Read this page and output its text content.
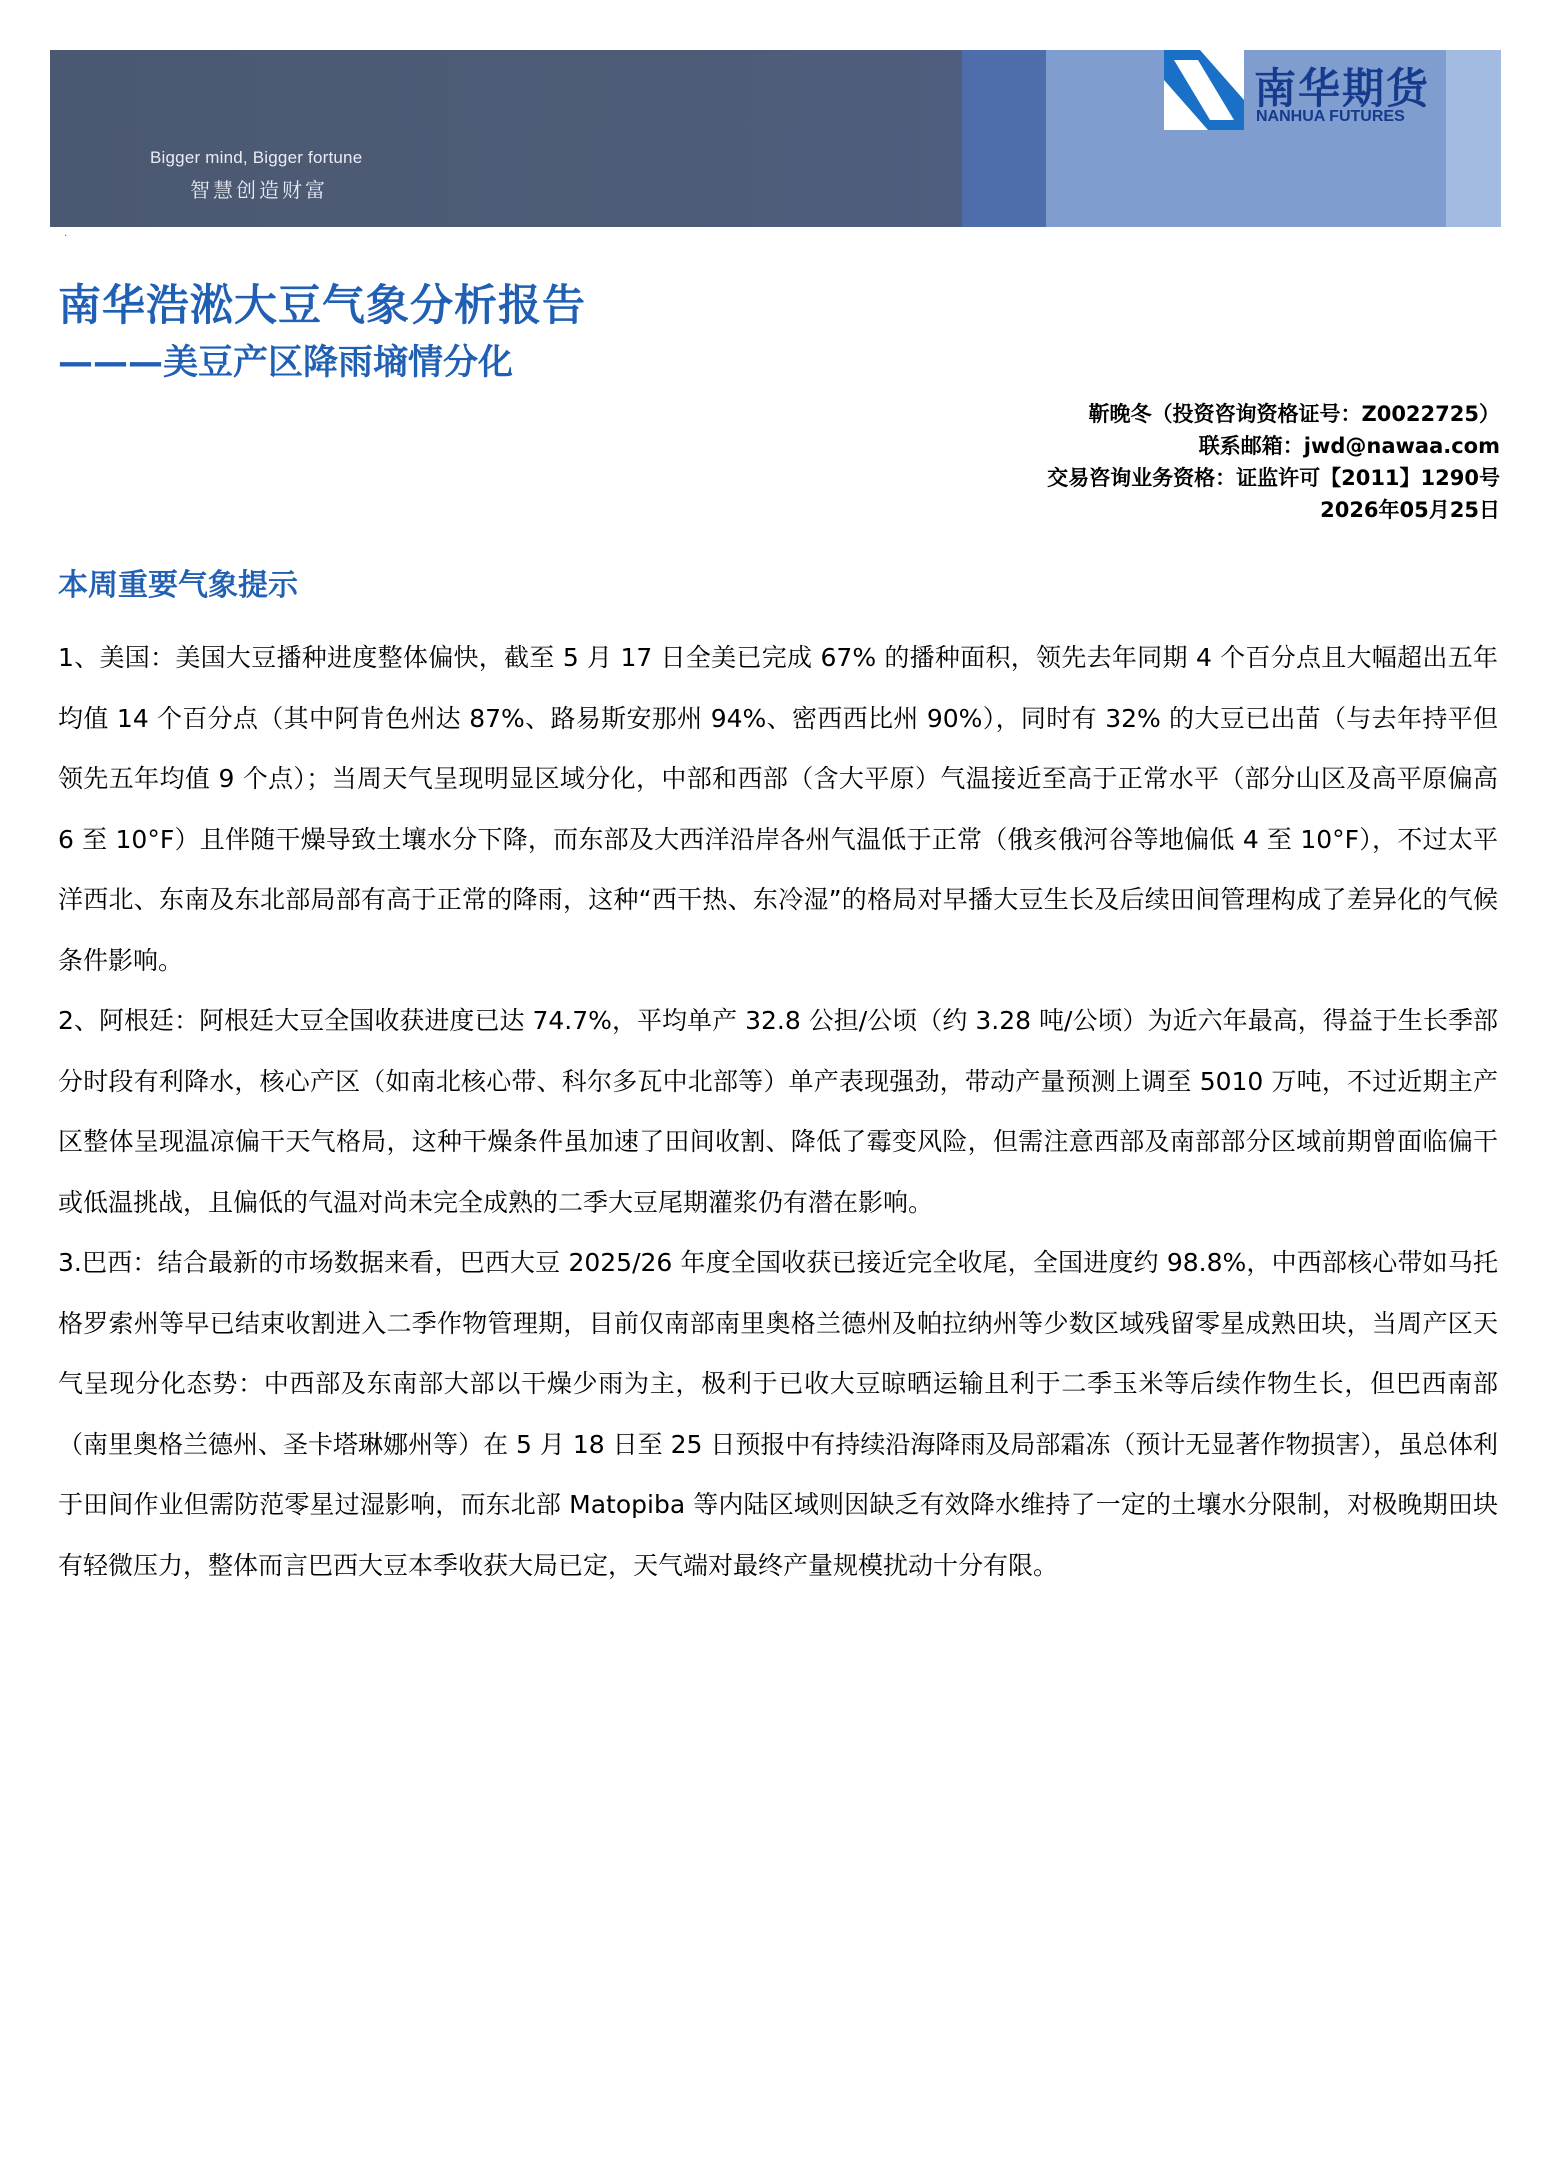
Bigger mind, Bigger fortune
智慧创造财富
南华期货
NANHUA FUTURES
·
南华浩淞大豆气象分析报告
———美豆产区降雨墒情分化
靳晚冬（投资咨询资格证号：Z0022725）
联系邮箱：jwd@nawaa.com
交易咨询业务资格：证监许可【2011】1290号
2026年05月25日
本周重要气象提示

1、美国：美国大豆播种进度整体偏快，截至 5 月 17 日全美已完成 67% 的播种面积，领先去年同期 4 个百分点且大幅超出五年均值 14 个百分点（其中阿肯色州达 87%、路易斯安那州 94%、密西西比州 90%），同时有 32% 的大豆已出苗（与去年持平但领先五年均值 9 个点）；当周天气呈现明显区域分化，中部和西部（含大平原）气温接近至高于正常水平（部分山区及高平原偏高 6 至 10°F）且伴随干燥导致土壤水分下降，而东部及大西洋沿岸各州气温低于正常（俄亥俄河谷等地偏低 4 至 10°F），不过太平洋西北、东南及东北部局部有高于正常的降雨，这种“西干热、东冷湿”的格局对早播大豆生长及后续田间管理构成了差异化的气候条件影响。

2、阿根廷：阿根廷大豆全国收获进度已达 74.7%，平均单产 32.8 公担/公顷（约 3.28 吨/公顷）为近六年最高，得益于生长季部分时段有利降水，核心产区（如南北核心带、科尔多瓦中北部等）单产表现强劲，带动产量预测上调至 5010 万吨，不过近期主产区整体呈现温凉偏干天气格局，这种干燥条件虽加速了田间收割、降低了霉变风险，但需注意西部及南部部分区域前期曾面临偏干或低温挑战，且偏低的气温对尚未完全成熟的二季大豆尾期灌浆仍有潜在影响。

3.巴西：结合最新的市场数据来看，巴西大豆 2025/26 年度全国收获已接近完全收尾，全国进度约 98.8%，中西部核心带如马托格罗索州等早已结束收割进入二季作物管理期，目前仅南部南里奥格兰德州及帕拉纳州等少数区域残留零星成熟田块，当周产区天气呈现分化态势：中西部及东南部大部以干燥少雨为主，极利于已收大豆晾晒运输且利于二季玉米等后续作物生长，但巴西南部（南里奥格兰德州、圣卡塔琳娜州等）在 5 月 18 日至 25 日预报中有持续沿海降雨及局部霜冻（预计无显著作物损害），虽总体利于田间作业但需防范零星过湿影响，而东北部 Matopiba 等内陆区域则因缺乏有效降水维持了一定的土壤水分限制，对极晚期田块有轻微压力，整体而言巴西大豆本季收获大局已定，天气端对最终产量规模扰动十分有限。
